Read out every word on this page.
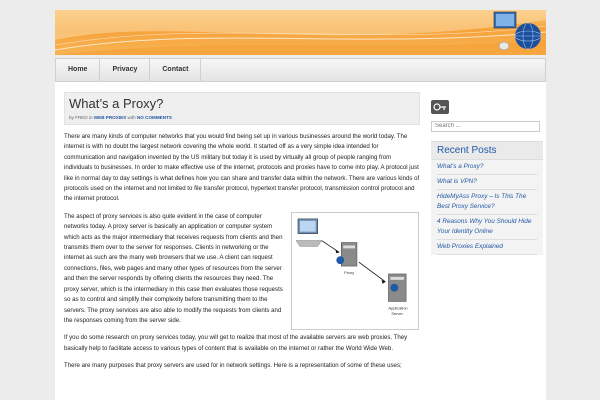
Home	Privacy	Contact
What’s a Proxy?
by FRED in WEB PROXIES with NO COMMENTS

There are many kinds of computer networks that you would find being set up in various businesses around the world today. The internet is with no doubt the largest network covering the whole world. It started off as a very simple idea intended for communication and navigation invented by the US military but today it is used by virtually all group of people ranging from individuals to businesses. In order to make effective use of the internet, protocols and proxies have to come into play. A protocol just like in normal day to day settings is what defines how you can share and transfer data within the network. There are various kinds of protocols used on the internet and not limited to file transfer protocol, hypertext transfer protocol, transmission control protocol and the internet protocol.

The aspect of proxy services is also quite evident in the case of computer networks today. A proxy server is basically an application or computer system which acts as the major intermediary that receives requests from clients and then transmits them over to the server for responses. Clients in networking or the internet as such are the many web browsers that we use. A client can request connections, files, web pages and many other types of resources from the server and then the server responds by offering clients the resources they need. The proxy server, which is the intermediary in this case then evaluates those requests so as to control and simplify their complexity before transmitting them to the servers. The proxy services are also able to modify the requests from clients and the responses coming from the server side.

Proxy
Application
Server

If you do some research on proxy services today, you will get to realize that most of the available servers are web proxies. They basically help to facilitate access to various types of content that is available on the internet or rather the World Wide Web.

There are many purposes that proxy servers are used for in network settings. Here is a representation of some of these uses;

Search ...
Recent Posts
What’s a Proxy?
What is VPN?
HideMyAss Proxy – Is This The Best Proxy Service?
4 Reasons Why You Should Hide Your Identity Online
Web Proxies Explained
